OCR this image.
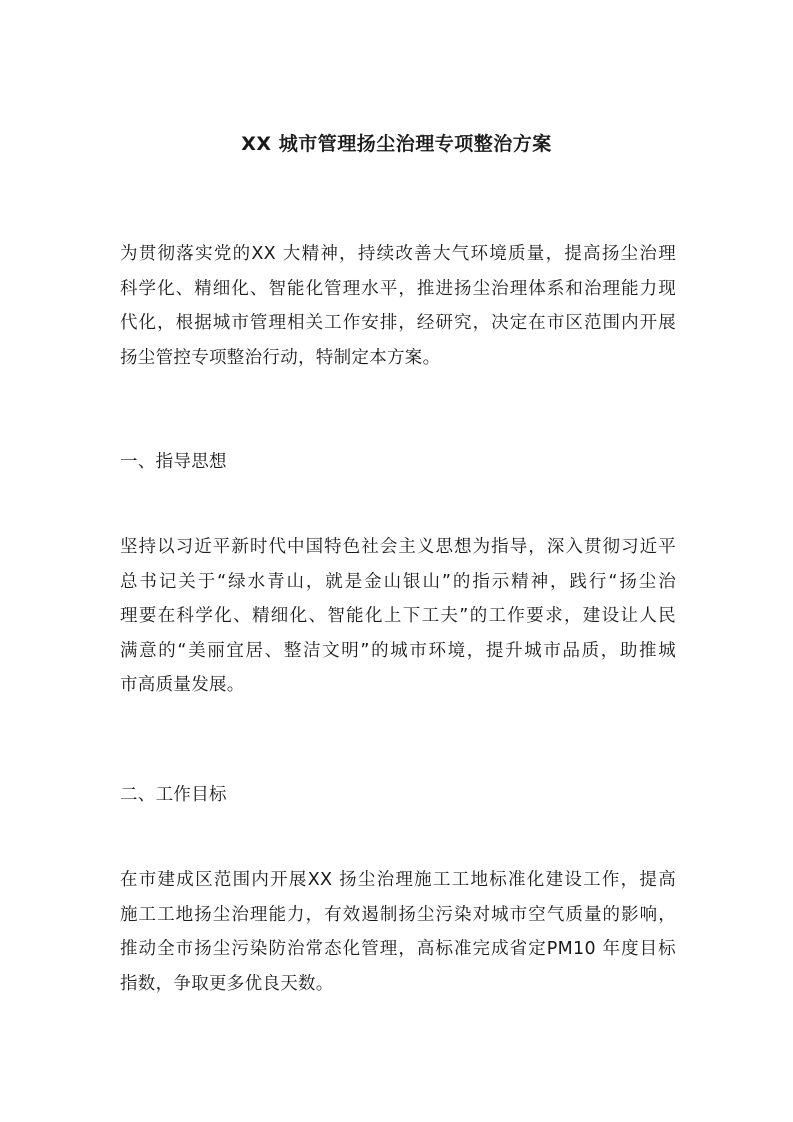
XX 城市管理扬尘治理专项整治方案
为贯彻落实党的XX 大精神，持续改善大气环境质量，提高扬尘治理
科学化、精细化、智能化管理水平，推进扬尘治理体系和治理能力现
代化，根据城市管理相关工作安排，经研究，决定在市区范围内开展
扬尘管控专项整治行动，特制定本方案。
一、指导思想
坚持以习近平新时代中国特色社会主义思想为指导，深入贯彻习近平
总书记关于“绿水青山，就是金山银山”的指示精神，践行“扬尘治
理要在科学化、精细化、智能化上下工夫”的工作要求，建设让人民
满意的“美丽宜居、整洁文明”的城市环境，提升城市品质，助推城
市高质量发展。
二、工作目标
在市建成区范围内开展XX 扬尘治理施工工地标准化建设工作，提高
施工工地扬尘治理能力，有效遏制扬尘污染对城市空气质量的影响，
推动全市扬尘污染防治常态化管理，高标准完成省定PM10 年度目标
指数，争取更多优良天数。
